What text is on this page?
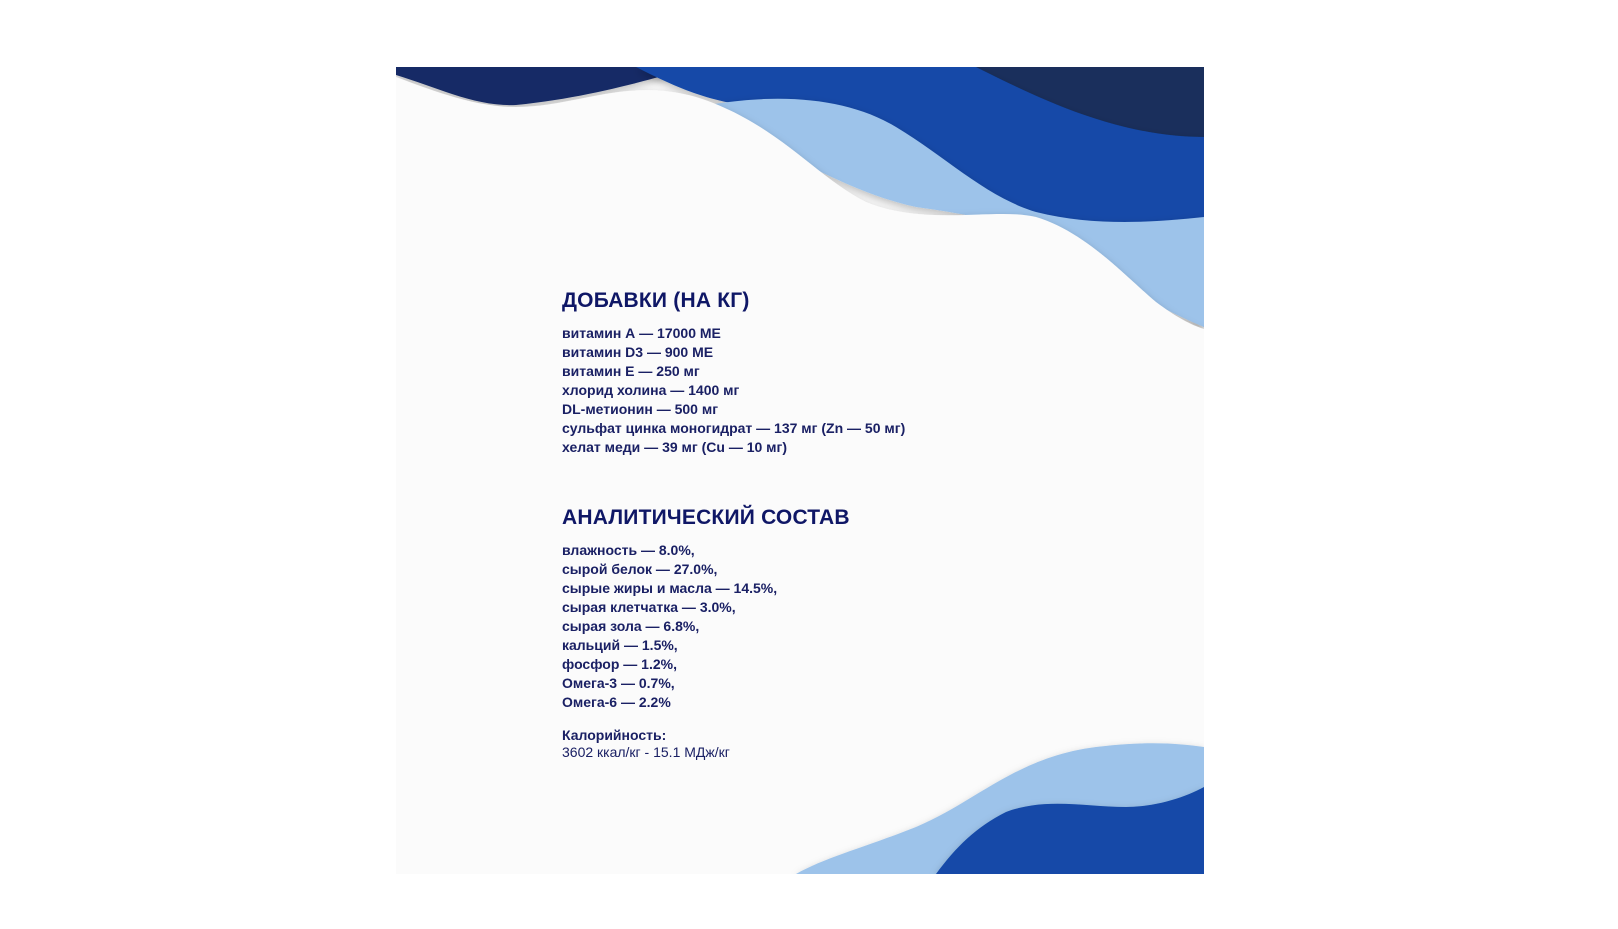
ДОБАВКИ (НА КГ)
витамин А — 17000 МЕ
витамин D3 — 900 МЕ
витамин Е — 250 мг
хлорид холина — 1400 мг
DL-метионин — 500 мг
сульфат цинка моногидрат — 137 мг (Zn — 50 мг)
хелат меди — 39 мг (Cu — 10 мг)
АНАЛИТИЧЕСКИЙ СОСТАВ
влажность — 8.0%,
сырой белок — 27.0%,
сырые жиры и масла — 14.5%,
сырая клетчатка — 3.0%,
сырая зола — 6.8%,
кальций — 1.5%,
фосфор — 1.2%,
Омега-3 — 0.7%,
Омега-6 — 2.2%
Калорийность:
3602 ккал/кг - 15.1 МДж/кг
